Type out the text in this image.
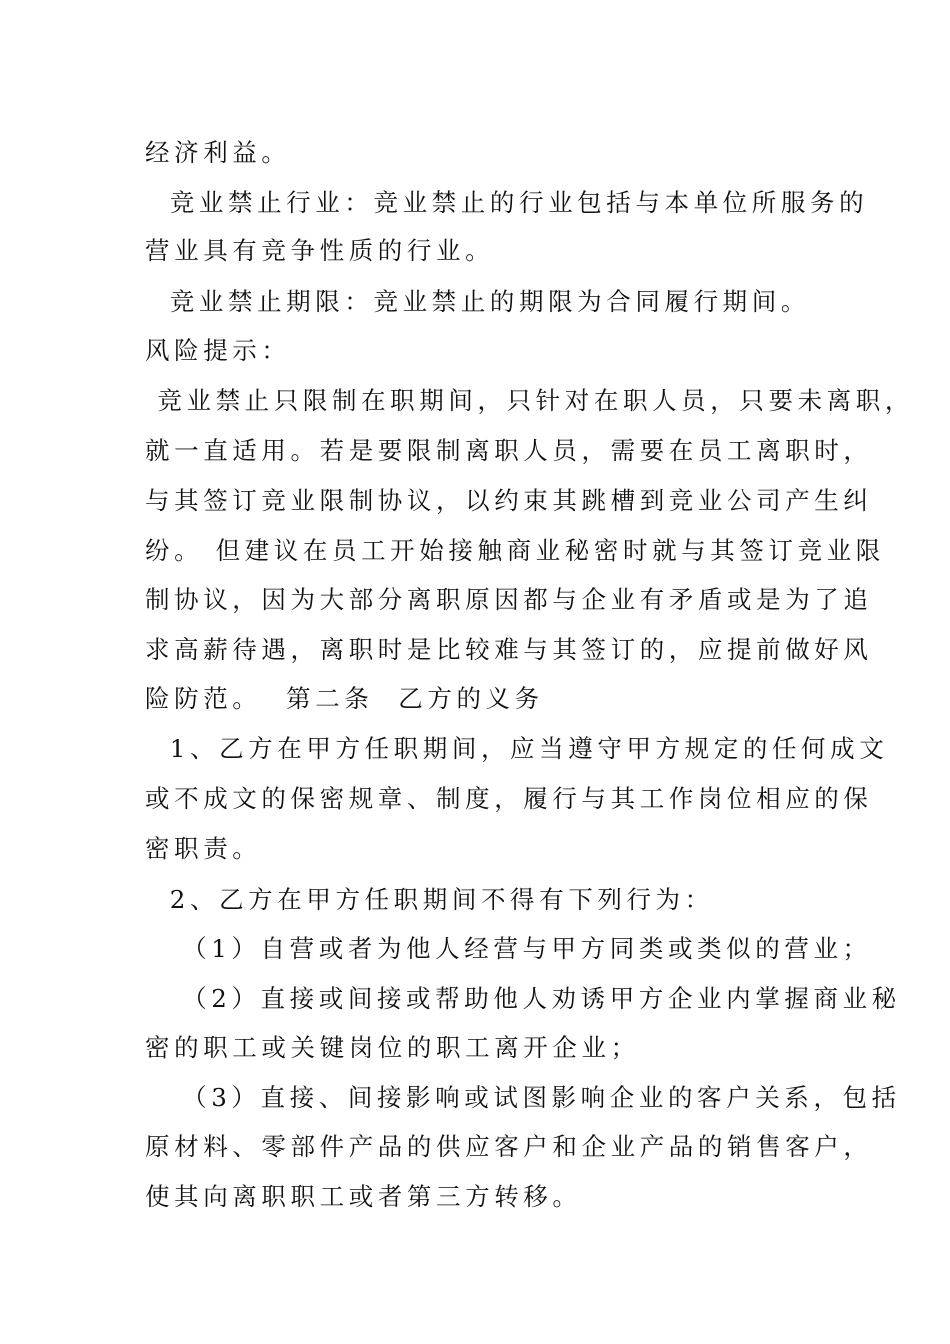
经济利益。
竞业禁止行业：竞业禁止的行业包括与本单位所服务的
营业具有竞争性质的行业。
竞业禁止期限：竞业禁止的期限为合同履行期间。
风险提示：
竞业禁止只限制在职期间，只针对在职人员，只要未离职，
就一直适用。若是要限制离职人员，需要在员工离职时，
与其签订竞业限制协议，以约束其跳槽到竞业公司产生纠
纷。 但建议在员工开始接触商业秘密时就与其签订竞业限
制协议，因为大部分离职原因都与企业有矛盾或是为了追
求高薪待遇，离职时是比较难与其签订的，应提前做好风
险防范。  第二条  乙方的义务
1、乙方在甲方任职期间，应当遵守甲方规定的任何成文
或不成文的保密规章、制度，履行与其工作岗位相应的保
密职责。
2、乙方在甲方任职期间不得有下列行为：
（1）自营或者为他人经营与甲方同类或类似的营业；
（2）直接或间接或帮助他人劝诱甲方企业内掌握商业秘
密的职工或关键岗位的职工离开企业；
（3）直接、间接影响或试图影响企业的客户关系，包括
原材料、零部件产品的供应客户和企业产品的销售客户，
使其向离职职工或者第三方转移。
